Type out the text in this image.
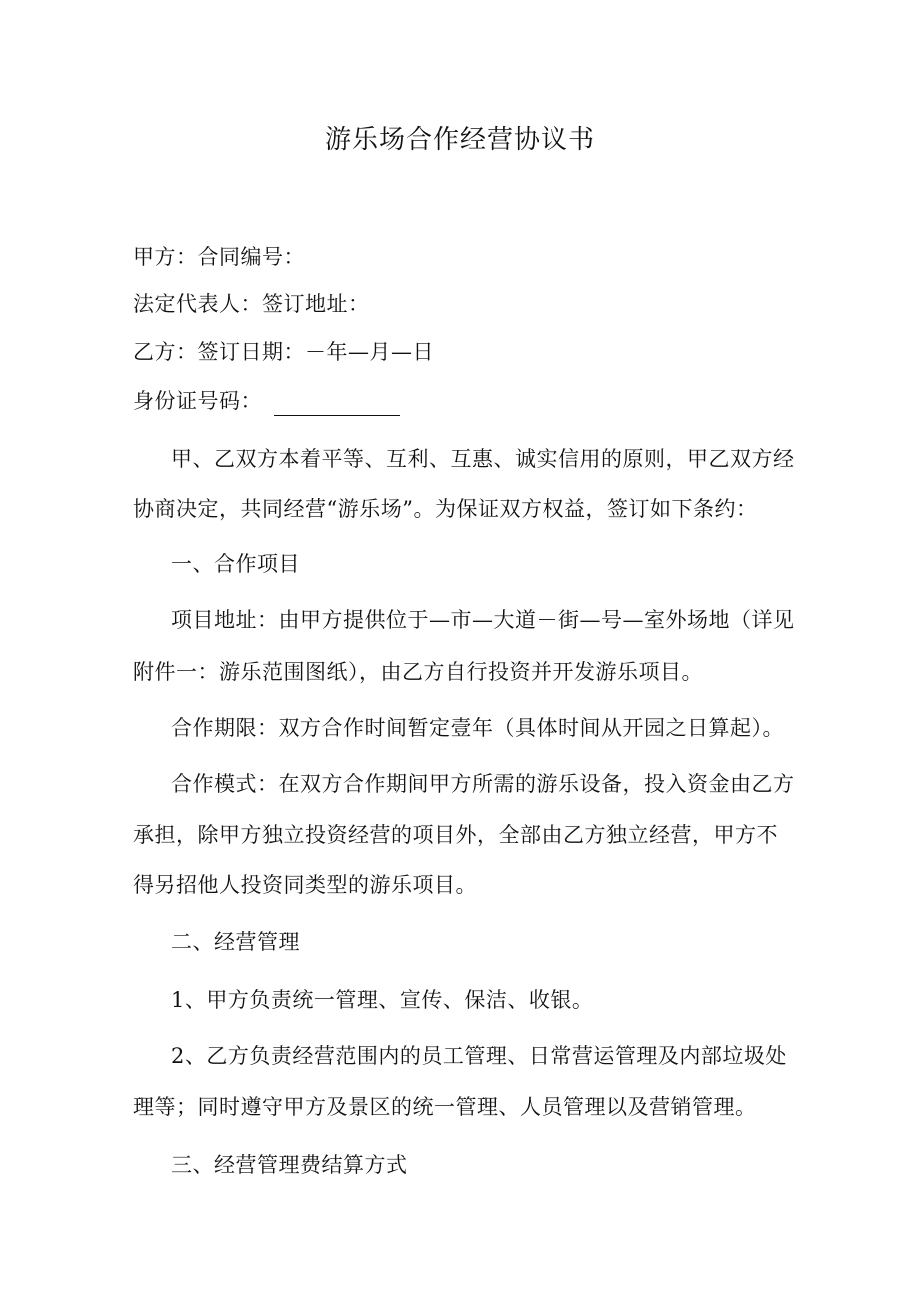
游乐场合作经营协议书
甲方：合同编号：
法定代表人：签订地址：
乙方：签订日期：－年—月—日
身份证号码：
甲、乙双方本着平等、互利、互惠、诚实信用的原则，甲乙双方经
协商决定，共同经营“游乐场”。为保证双方权益，签订如下条约：
一、合作项目
项目地址：由甲方提供位于—市—大道－街—号—室外场地（详见
附件一：游乐范围图纸），由乙方自行投资并开发游乐项目。
合作期限：双方合作时间暂定壹年（具体时间从开园之日算起）。
合作模式：在双方合作期间甲方所需的游乐设备，投入资金由乙方
承担，除甲方独立投资经营的项目外，全部由乙方独立经营，甲方不
得另招他人投资同类型的游乐项目。
二、经营管理
1、甲方负责统一管理、宣传、保洁、收银。
2、乙方负责经营范围内的员工管理、日常营运管理及内部垃圾处
理等；同时遵守甲方及景区的统一管理、人员管理以及营销管理。
三、经营管理费结算方式
